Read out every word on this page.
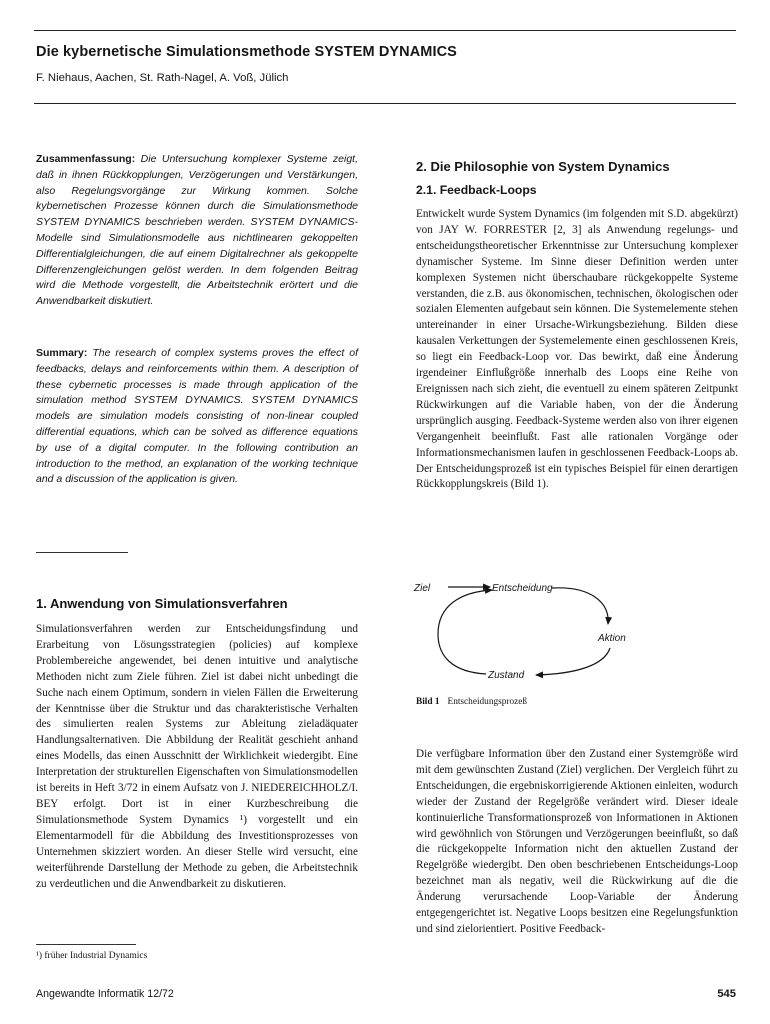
Die kybernetische Simulationsmethode SYSTEM DYNAMICS
F. Niehaus, Aachen, St. Rath-Nagel, A. Voß, Jülich
Zusammenfassung: Die Untersuchung komplexer Systeme zeigt, daß in ihnen Rückkopplungen, Verzögerungen und Verstärkungen, also Regelungsvorgänge zur Wirkung kommen. Solche kybernetischen Prozesse können durch die Simulationsmethode SYSTEM DYNAMICS beschrieben werden. SYSTEM DYNAMICS-Modelle sind Simulationsmodelle aus nichtlinearen gekoppelten Differentialgleichungen, die auf einem Digitalrechner als gekoppelte Differenzengleichungen gelöst werden. In dem folgenden Beitrag wird die Methode vorgestellt, die Arbeitstechnik erörtert und die Anwendbarkeit diskutiert.
Summary: The research of complex systems proves the effect of feedbacks, delays and reinforcements within them. A description of these cybernetic processes is made through application of the simulation method SYSTEM DYNAMICS. SYSTEM DYNAMICS models are simulation models consisting of non-linear coupled differential equations, which can be solved as difference equations by use of a digital computer. In the following contribution an introduction to the method, an explanation of the working technique and a discussion of the application is given.
1. Anwendung von Simulationsverfahren

Simulationsverfahren werden zur Entscheidungsfindung und Erarbeitung von Lösungsstrategien (policies) auf komplexe Problembereiche angewendet, bei denen intuitive und analytische Methoden nicht zum Ziele führen. Ziel ist dabei nicht unbedingt die Suche nach einem Optimum, sondern in vielen Fällen die Erweiterung der Kenntnisse über die Struktur und das charakteristische Verhalten des simulierten realen Systems zur Ableitung zieladäquater Handlungsalternativen. Die Abbildung der Realität geschieht anhand eines Modells, das einen Ausschnitt der Wirklichkeit wiedergibt. Eine Interpretation der strukturellen Eigenschaften von Simulationsmodellen ist bereits in Heft 3/72 in einem Aufsatz von J. NIEDEREICHHOLZ/I. BEY erfolgt. Dort ist in einer Kurzbeschreibung die Simulationsmethode System Dynamics ¹) vorgestellt und ein Elementarmodell für die Abbildung des Investitionsprozesses von Unternehmen skizziert worden. An dieser Stelle wird versucht, eine weiterführende Darstellung der Methode zu geben, die Arbeitstechnik zu verdeutlichen und die Anwendbarkeit zu diskutieren.

¹) früher Industrial Dynamics
2. Die Philosophie von System Dynamics
2.1. Feedback-Loops

Entwickelt wurde System Dynamics (im folgenden mit S.D. abgekürzt) von JAY W. FORRESTER [2, 3] als Anwendung regelungs- und entscheidungstheoretischer Erkenntnisse zur Untersuchung komplexer dynamischer Systeme. Im Sinne dieser Definition werden unter komplexen Systemen nicht überschaubare rückgekoppelte Systeme verstanden, die z.B. aus ökonomischen, technischen, ökologischen oder sozialen Elementen aufgebaut sein können. Die Systemelemente stehen untereinander in einer Ursache-Wirkungsbeziehung. Bilden diese kausalen Verkettungen der Systemelemente einen geschlossenen Kreis, so liegt ein Feedback-Loop vor. Das bewirkt, daß eine Änderung irgendeiner Einflußgröße innerhalb des Loops eine Reihe von Ereignissen nach sich zieht, die eventuell zu einem späteren Zeitpunkt Rückwirkungen auf die Variable haben, von der die Änderung ursprünglich ausging. Feedback-Systeme werden also von ihrer eigenen Vergangenheit beeinflußt. Fast alle rationalen Vorgänge oder Informationsmechanismen laufen in geschlossenen Feedback-Loops ab. Der Entscheidungsprozeß ist ein typisches Beispiel für einen derartigen Rückkopplungskreis (Bild 1).

Ziel	Entscheidung
Aktion
Zustand
Bild 1 Entscheidungsprozeß

Die verfügbare Information über den Zustand einer Systemgröße wird mit dem gewünschten Zustand (Ziel) verglichen. Der Vergleich führt zu Entscheidungen, die ergebniskorrigierende Aktionen einleiten, wodurch wieder der Zustand der Regelgröße verändert wird. Dieser ideale kontinuierliche Transformationsprozeß von Informationen in Aktionen wird gewöhnlich von Störungen und Verzögerungen beeinflußt, so daß die rückgekoppelte Information nicht den aktuellen Zustand der Regelgröße wiedergibt. Den oben beschriebenen Entscheidungs-Loop bezeichnet man als negativ, weil die Rückwirkung auf die die Änderung verursachende Loop-Variable der Änderung entgegengerichtet ist. Negative Loops besitzen eine Regelungsfunktion und sind zielorientiert. Positive Feedback-

Angewandte Informatik 12/72	545
